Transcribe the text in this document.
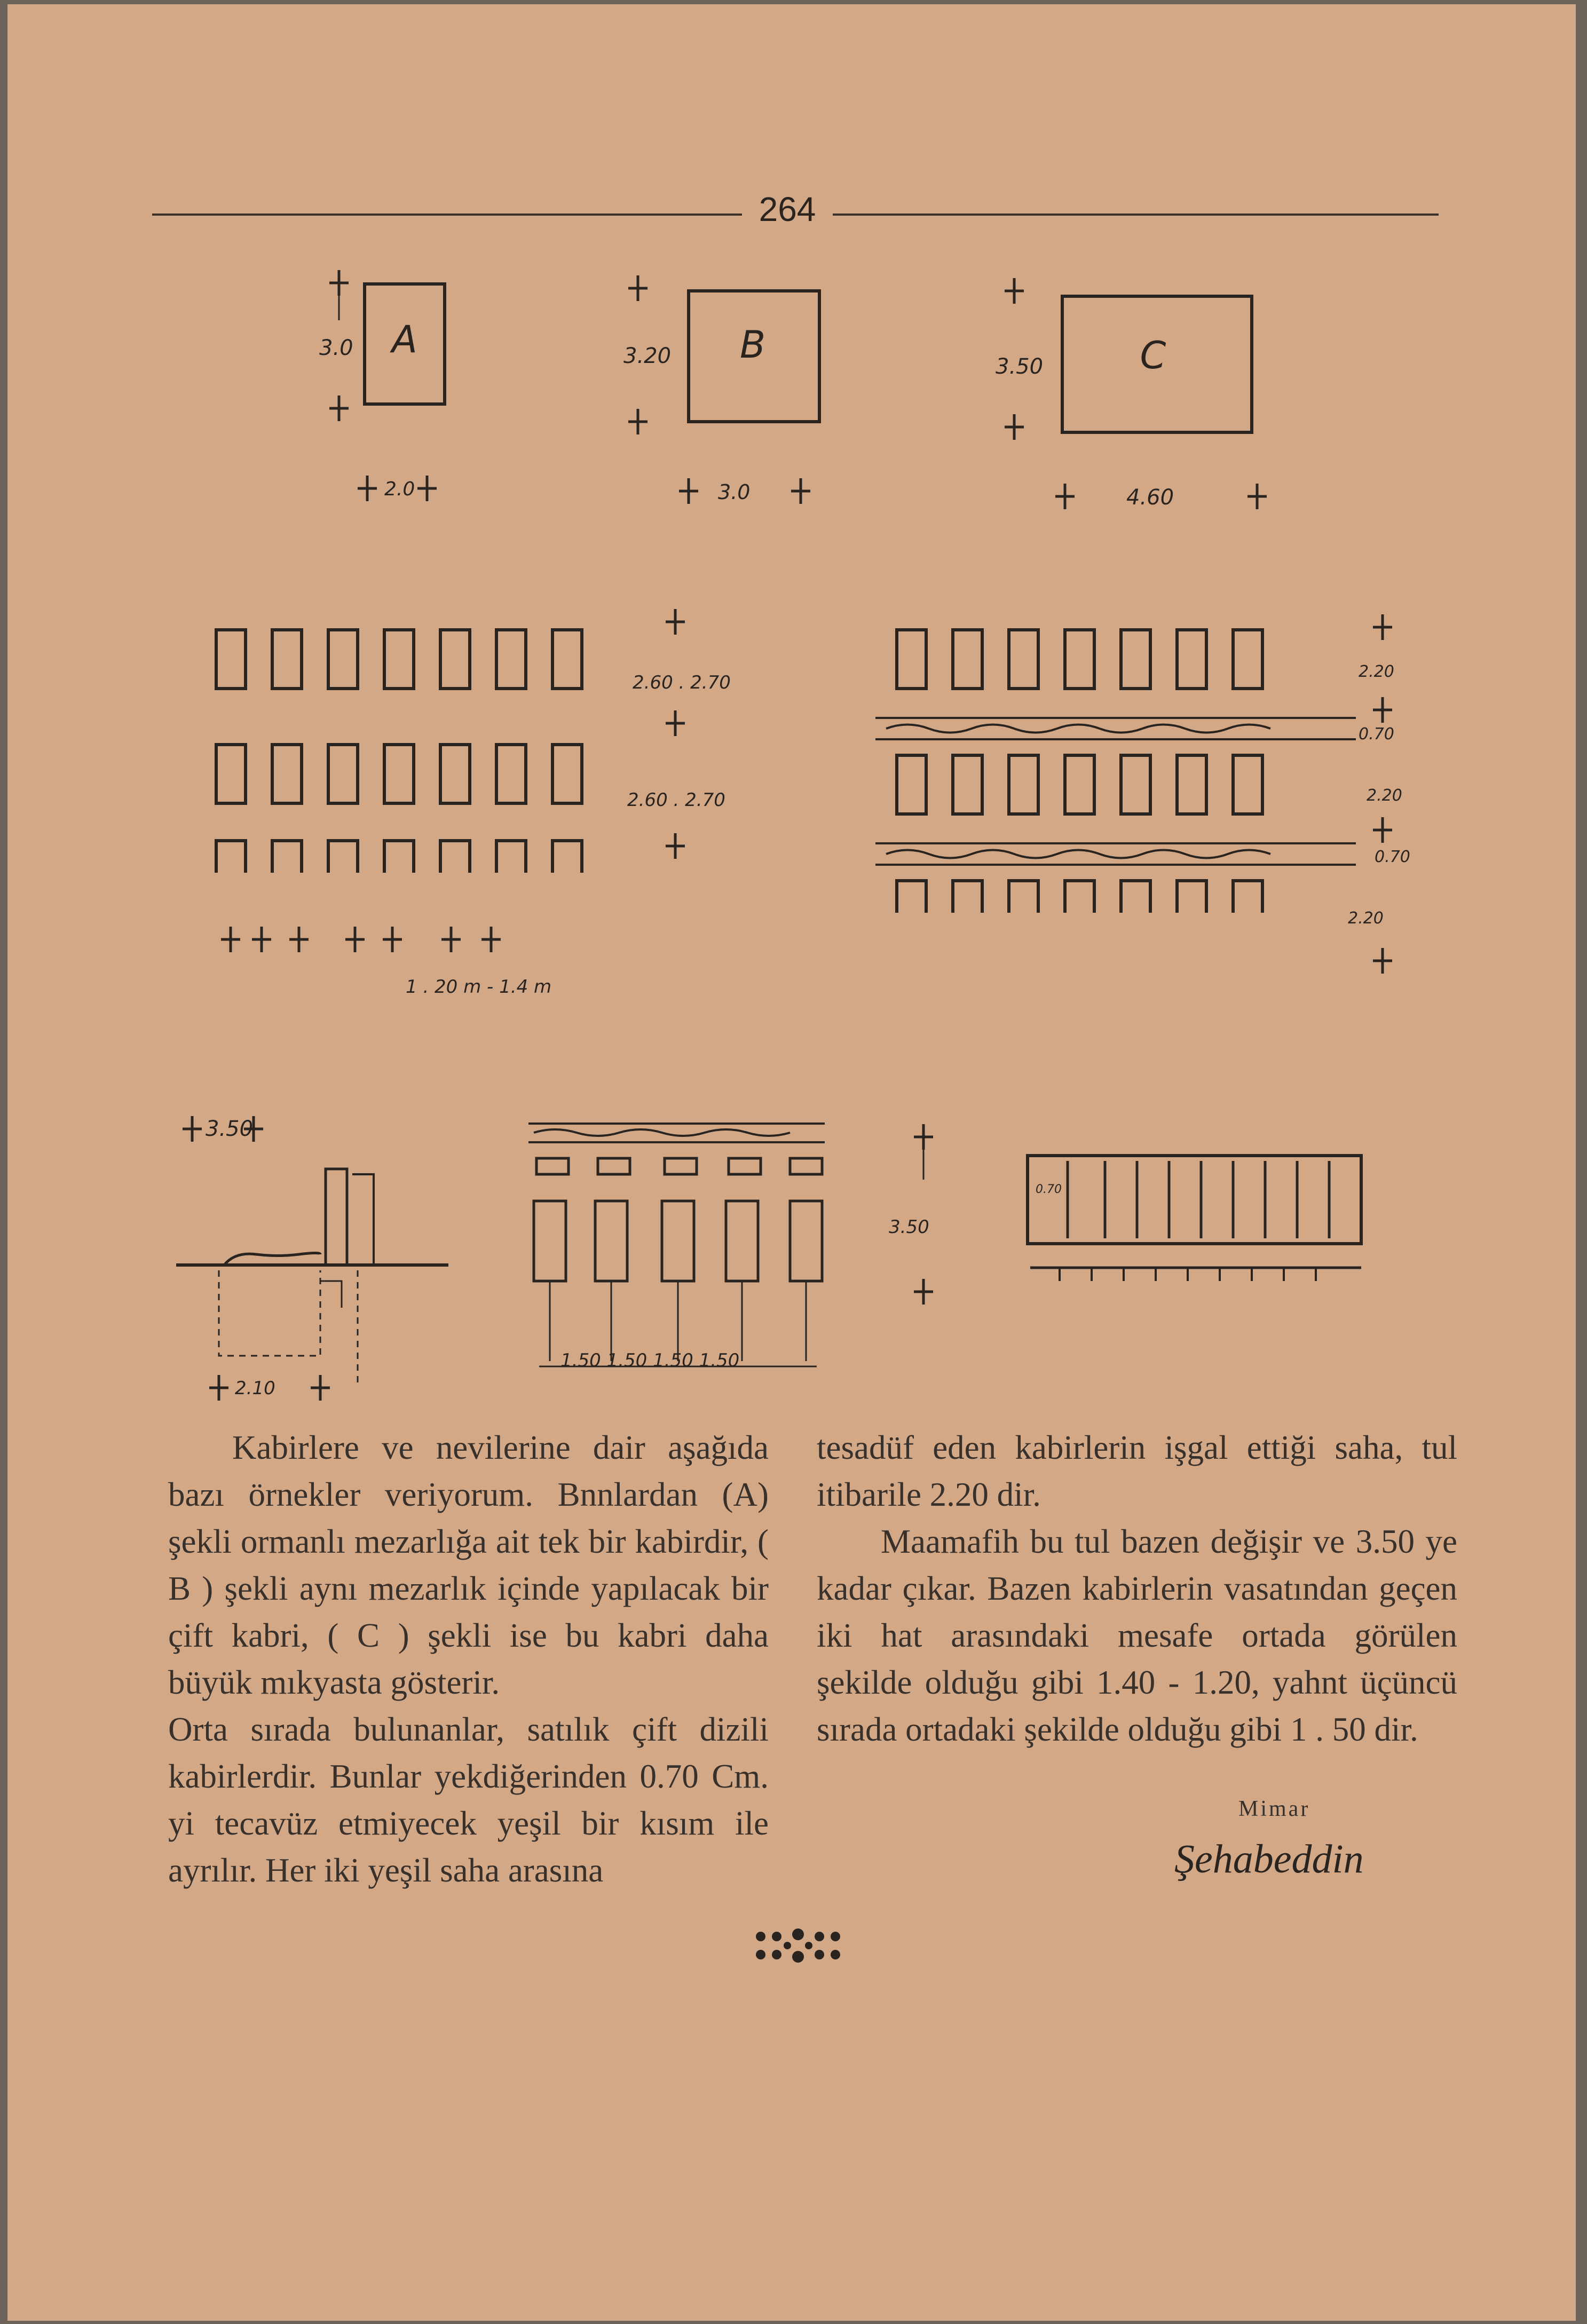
264
A
3.0
2.0
B
3.20
3.0
C
3.50
4.60
2.60 . 2.70
2.60 . 2.70
1 . 20 m - 1.4 m
2.20
0.70
2.20
0.70
2.20
3.50
2.10
1.50 1.50 1.50 1.50
3.50
0.70

Kabirlere ve nevilerine dair aşağıda bazı örnekler veriyorum. Bnnlardan (A) şekli ormanlı mezarlığa ait tek bir kabirdir, ( B ) şekli aynı mezarlık içinde yapılacak bir çift kabri, ( C ) şekli ise bu kabri daha büyük mıkyasta gösterir.

Orta sırada bulunanlar, satılık çift dizili kabirlerdir. Bunlar yekdiğerinden 0.70 Cm. yi tecavüz etmiyecek yeşil bir kısım ile ayrılır. Her iki yeşil saha arasına

tesadüf eden kabirlerin işgal ettiği saha, tul itibarile 2.20 dir.

Maamafih bu tul bazen değişir ve 3.50 ye kadar çıkar. Bazen kabirlerin vasatından geçen iki hat arasındaki mesafe ortada görülen şekilde olduğu gibi 1.40 - 1.20, yahnt üçüncü sırada ortadaki şekilde olduğu gibi 1 . 50 dir.

Mimar
Şehabeddin
